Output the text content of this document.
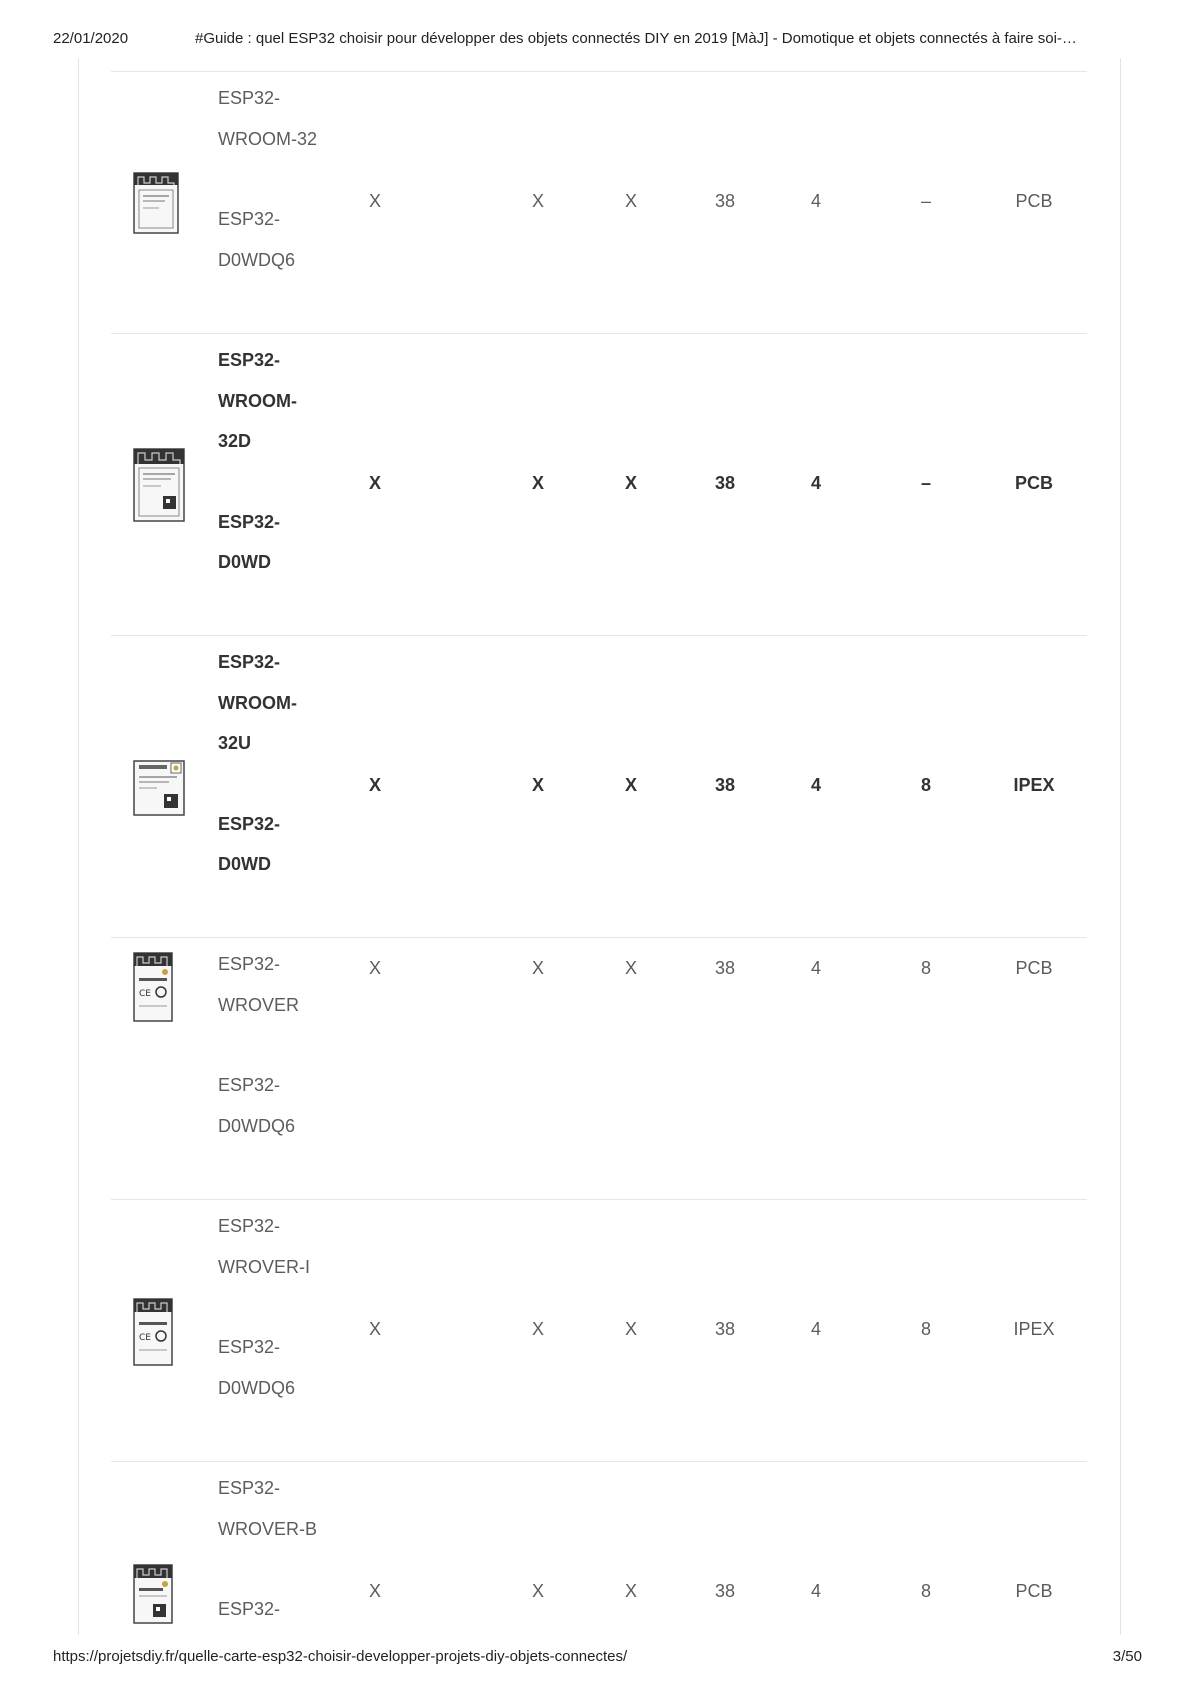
22/01/2020	#Guide : quel ESP32 choisir pour développer des objets connectés DIY en 2019 [MàJ] - Domotique et objets connectés à faire soi-…
ESP32-
WROOM-32
ESP32-
D0WDQ6
X	X	X	38	4	–	PCB
ESP32-
WROOM-
32D
ESP32-
D0WD
X	X	X	38	4	–	PCB
ESP32-
WROOM-
32U
ESP32-
D0WD
X	X	X	38	4	8	IPEX
CE
ESP32-
WROVER
ESP32-
D0WDQ6
X	X	X	38	4	8	PCB
CE
ESP32-
WROVER-I
ESP32-
D0WDQ6
X	X	X	38	4	8	IPEX
ESP32-
WROVER-B
ESP32-
X	X	X	38	4	8	PCB
https://projetsdiy.fr/quelle-carte-esp32-choisir-developper-projets-diy-objets-connectes/	3/50
